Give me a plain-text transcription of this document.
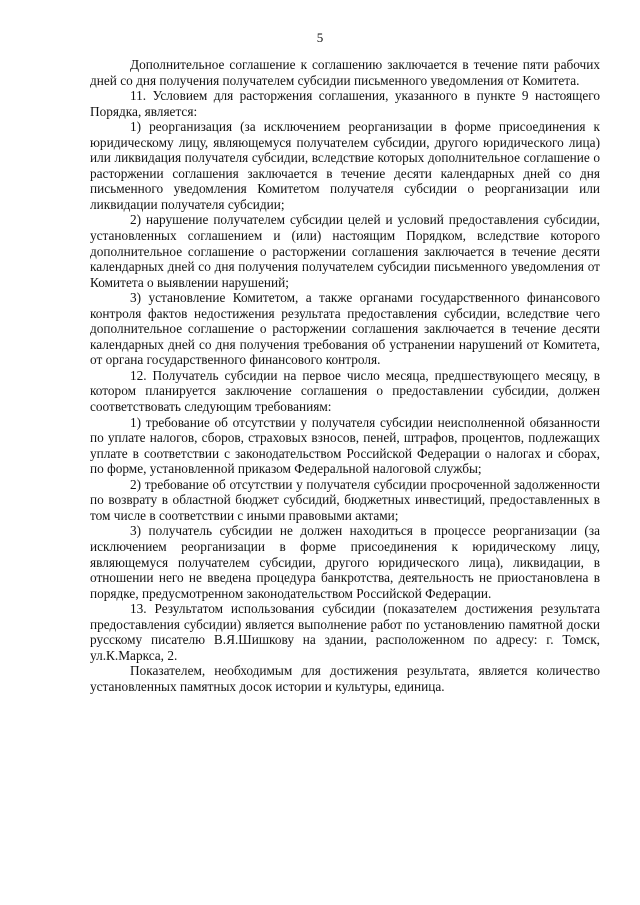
5

Дополнительное соглашение к соглашению заключается в течение пяти рабочих дней со дня получения получателем субсидии письменного уведомления от Комитета.

11. Условием для расторжения соглашения, указанного в пункте 9 настоящего Порядка, является:

1) реорганизация (за исключением реорганизации в форме присоединения к юридическому лицу, являющемуся получателем субсидии, другого юридического лица) или ликвидация получателя субсидии, вследствие которых дополнительное соглашение о расторжении соглашения заключается в течение десяти календарных дней со дня письменного уведомления Комитетом получателя субсидии о реорганизации или ликвидации получателя субсидии;

2) нарушение получателем субсидии целей и условий предоставления субсидии, установленных соглашением и (или) настоящим Порядком, вследствие которого дополнительное соглашение о расторжении соглашения заключается в течение десяти календарных дней со дня получения получателем субсидии письменного уведомления от Комитета о выявлении нарушений;

3) установление Комитетом, а также органами государственного финансового контроля фактов недостижения результата предоставления субсидии, вследствие чего дополнительное соглашение о расторжении соглашения заключается в течение десяти календарных дней со дня получения требования об устранении нарушений от Комитета, от органа государственного финансового контроля.

12. Получатель субсидии на первое число месяца, предшествующего месяцу, в котором планируется заключение соглашения о предоставлении субсидии, должен соответствовать следующим требованиям:

1) требование об отсутствии у получателя субсидии неисполненной обязанности по уплате налогов, сборов, страховых взносов, пеней, штрафов, процентов, подлежащих уплате в соответствии с законодательством Российской Федерации о налогах и сборах, по форме, установленной приказом Федеральной налоговой службы;

2) требование об отсутствии у получателя субсидии просроченной задолженности по возврату в областной бюджет субсидий, бюджетных инвестиций, предоставленных в том числе в соответствии с иными правовыми актами;

3) получатель субсидии не должен находиться в процессе реорганизации (за исключением реорганизации в форме присоединения к юридическому лицу, являющемуся получателем субсидии, другого юридического лица), ликвидации, в отношении него не введена процедура банкротства, деятельность не приостановлена в порядке, предусмотренном законодательством Российской Федерации.

13. Результатом использования субсидии (показателем достижения результата предоставления субсидии) является выполнение работ по установлению памятной доски русскому писателю В.Я.Шишкову на здании, расположенном по адресу: г. Томск, ул.К.Маркса, 2.

Показателем, необходимым для достижения результата, является количество установленных памятных досок истории и культуры, единица.
